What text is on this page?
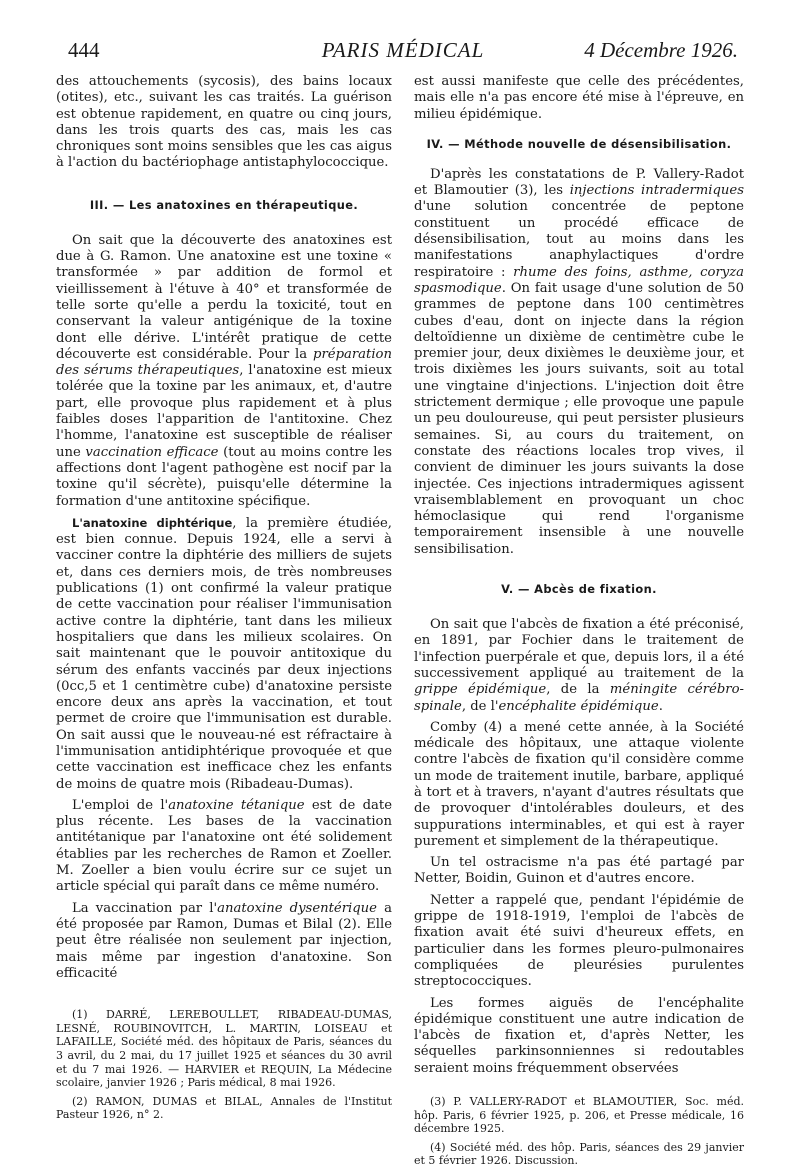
444	PARIS MÉDICAL	4 Décembre 1926.

des attouchements (sycosis), des bains locaux (otites), etc., suivant les cas traités. La guérison est obtenue rapidement, en quatre ou cinq jours, dans les trois quarts des cas, mais les cas chroniques sont moins sensibles que les cas aigus à l'action du bactériophage antistaphylococcique.

III. — Les anatoxines en thérapeutique.

On sait que la découverte des anatoxines est due à G. Ramon. Une anatoxine est une toxine « transformée » par addition de formol et vieillissement à l'étuve à 40° et transformée de telle sorte qu'elle a perdu la toxicité, tout en conservant la valeur antigénique de la toxine dont elle dérive. L'intérêt pratique de cette découverte est considérable. Pour la préparation des sérums thérapeutiques, l'anatoxine est mieux tolérée que la toxine par les animaux, et, d'autre part, elle provoque plus rapidement et à plus faibles doses l'apparition de l'antitoxine. Chez l'homme, l'anatoxine est susceptible de réaliser une vaccination efficace (tout au moins contre les affections dont l'agent pathogène est nocif par la toxine qu'il sécrète), puisqu'elle détermine la formation d'une antitoxine spécifique.

L'anatoxine diphtérique, la première étudiée, est bien connue. Depuis 1924, elle a servi à vacciner contre la diphtérie des milliers de sujets et, dans ces derniers mois, de très nombreuses publications (1) ont confirmé la valeur pratique de cette vaccination pour réaliser l'immunisation active contre la diphtérie, tant dans les milieux hospitaliers que dans les milieux scolaires. On sait maintenant que le pouvoir antitoxique du sérum des enfants vaccinés par deux injections (0cc,5 et 1 centimètre cube) d'anatoxine persiste encore deux ans après la vaccination, et tout permet de croire que l'immunisation est durable. On sait aussi que le nouveau-né est réfractaire à l'immunisation antidiphtérique provoquée et que cette vaccination est inefficace chez les enfants de moins de quatre mois (Ribadeau-Dumas).

L'emploi de l'anatoxine tétanique est de date plus récente. Les bases de la vaccination antitétanique par l'anatoxine ont été solidement établies par les recherches de Ramon et Zoeller. M. Zoeller a bien voulu écrire sur ce sujet un article spécial qui paraît dans ce même numéro.

La vaccination par l'anatoxine dysentérique a été proposée par Ramon, Dumas et Bilal (2). Elle peut être réalisée non seulement par injection, mais même par ingestion d'anatoxine. Son efficacité

(1) DARRÉ, LEREBOULLET, RIBADEAU-DUMAS, LESNÉ, ROUBINOVITCH, L. MARTIN, LOISEAU et LAFAILLE, Société méd. des hôpitaux de Paris, séances du 3 avril, du 2 mai, du 17 juillet 1925 et séances du 30 avril et du 7 mai 1926. — HARVIER et REQUIN, La Médecine scolaire, janvier 1926 ; Paris médical, 8 mai 1926.

(2) RAMON, DUMAS et BILAL, Annales de l'Institut Pasteur 1926, n° 2.

est aussi manifeste que celle des précédentes, mais elle n'a pas encore été mise à l'épreuve, en milieu épidémique.

IV. — Méthode nouvelle de désensibilisation.

D'après les constatations de P. Vallery-Radot et Blamoutier (3), les injections intradermiques d'une solution concentrée de peptone constituent un procédé efficace de désensibilisation, tout au moins dans les manifestations anaphylactiques d'ordre respiratoire : rhume des foins, asthme, coryza spasmodique. On fait usage d'une solution de 50 grammes de peptone dans 100 centimètres cubes d'eau, dont on injecte dans la région deltoïdienne un dixième de centimètre cube le premier jour, deux dixièmes le deuxième jour, et trois dixièmes les jours suivants, soit au total une vingtaine d'injections. L'injection doit être strictement dermique ; elle provoque une papule un peu douloureuse, qui peut persister plusieurs semaines. Si, au cours du traitement, on constate des réactions locales trop vives, il convient de diminuer les jours suivants la dose injectée. Ces injections intradermiques agissent vraisemblablement en provoquant un choc hémoclasique qui rend l'organisme temporairement insensible à une nouvelle sensibilisation.

V. — Abcès de fixation.

On sait que l'abcès de fixation a été préconisé, en 1891, par Fochier dans le traitement de l'infection puerpérale et que, depuis lors, il a été successivement appliqué au traitement de la grippe épidémique, de la méningite cérébro-spinale, de l'encéphalite épidémique.

Comby (4) a mené cette année, à la Société médicale des hôpitaux, une attaque violente contre l'abcès de fixation qu'il considère comme un mode de traitement inutile, barbare, appliqué à tort et à travers, n'ayant d'autres résultats que de provoquer d'intolérables douleurs, et des suppurations interminables, et qui est à rayer purement et simplement de la thérapeutique.

Un tel ostracisme n'a pas été partagé par Netter, Boidin, Guinon et d'autres encore.

Netter a rappelé que, pendant l'épidémie de grippe de 1918-1919, l'emploi de l'abcès de fixation avait été suivi d'heureux effets, en particulier dans les formes pleuro-pulmonaires compliquées de pleurésies purulentes streptococciques.

Les formes aiguës de l'encéphalite épidémique constituent une autre indication de l'abcès de fixation et, d'après Netter, les séquelles parkinsonniennes si redoutables seraient moins fréquemment observées

(3) P. VALLERY-RADOT et BLAMOUTIER, Soc. méd. hôp. Paris, 6 février 1925, p. 206, et Presse médicale, 16 décembre 1925.

(4) Société méd. des hôp. Paris, séances des 29 janvier et 5 février 1926. Discussion.
